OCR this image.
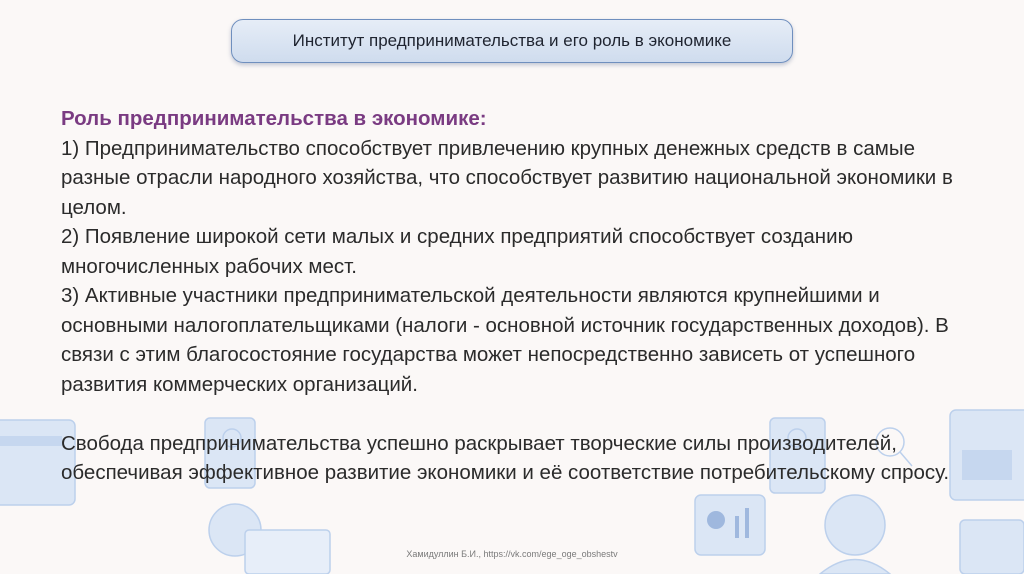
Институт предпринимательства и его роль в экономике

Роль предпринимательства в экономике:

1) Предпринимательство способствует привлечению крупных денежных средств в самые разные отрасли народного хозяйства, что способствует развитию национальной экономики в целом.

2) Появление широкой сети малых и средних предприятий способствует созданию многочисленных рабочих мест.

3) Активные участники предпринимательской деятельности являются крупнейшими и основными налогоплательщиками (налоги - основной источник государственных доходов). В связи с этим благосостояние государства может непосредственно зависеть от успешного развития коммерческих организаций.

Свобода предпринимательства успешно раскрывает творческие силы производителей, обеспечивая эффективное развитие экономики и её соответствие потребительскому спросу.

Хамидуллин Б.И., https://vk.com/ege_oge_obshestv
